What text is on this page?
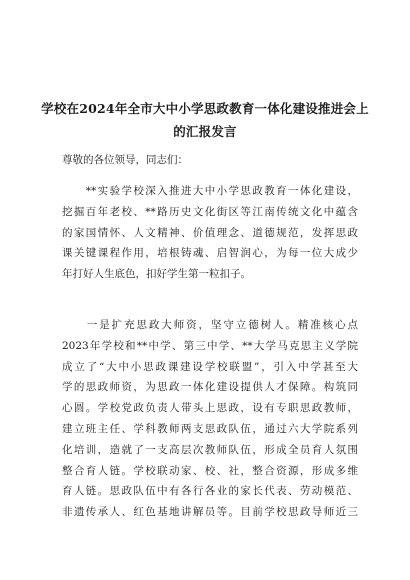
学校在2024年全市大中小学思政教育一体化建设推进会上
的汇报发言
尊敬的各位领导，同志们：
　　**实验学校深入推进大中小学思政教育一体化建设，
挖掘百年老校、**路历史文化街区等江南传统文化中蕴含
的家国情怀、人文精神、价值理念、道德规范，发挥思政
课关键课程作用，培根铸魂、启智润心，为每一位大成少
年打好人生底色，扣好学生第一粒扣子。
　　一是扩充思政大师资，坚守立德树人。精准核心点
2023年学校和**中学、第三中学、**大学马克思主义学院
成立了“大中小思政课建设学校联盟”，引入中学甚至大
学的思政师资，为思政一体化建设提供人才保障。构筑同
心圆。学校党政负责人带头上思政，设有专职思政教师，
建立班主任、学科教师两支思政队伍，通过六大学院系列
化培训，造就了一支高层次教师队伍，形成全员育人氛围
整合育人链。学校联动家、校、社，整合资源，形成多维
育人链。思政队伍中有各行各业的家长代表、劳动模范、
非遗传承人、红色基地讲解员等。目前学校思政导师近三
